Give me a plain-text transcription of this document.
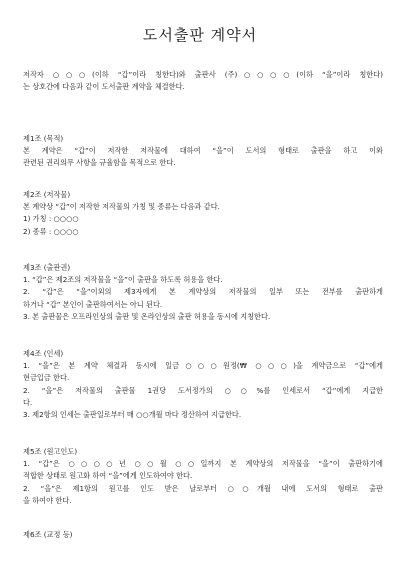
도서출판 계약서
저작자 ○○○(이하 “갑”이라 칭한다)와 출판사 (주)○○○○(이하 “을”이라 칭한다)
는 상호간에 다음과 같이 도서출판 계약을 체결한다.
제1조 (목적)
본 계약은 “갑”이 저작한 저작물에 대하여 “을”이 도서의 형태로 출판을 하고 이와
관련된 권리의무 사항을 규율함을 목적으로 한다.
제2조 (저작물)
본 계약상 “갑”이 저작한 저작물의 가칭 및 종류는 다음과 같다.
1) 가칭 : ○○○○
2) 종류 : ○○○○
제3조 (출판권)
1. “갑”은 제2조의 저작물을 “을”이 출판을 하도록 허용을 한다.
2. “갑”은 “을”이외의 제3자에게 본 계약상의 저작물의 일부 또는 전부를 출판하게
하거나 “갑” 본인이 출판하여서는 아니 된다.
3. 본 출판물은 오프라인상의 출판 및 온라인상의 출판 허용을 동시에 지칭한다.
제4조 (인세)
1. “을”은 본 계약 체결과 동시에 일금○○○원정(₩ ○○○)을 계약금으로 “갑”에게
현금입금 한다.
2. “을”은 저작물의 출판물 1권당 도서정가의 ○○%를 인세로서 “갑”에게 지급한
다.
3. 제2항의 인세는 출판일로부터 매 ○○개월 마다 정산하여 지급한다.
제5조 (원고인도)
1. “갑”은 ○○○○년 ○○월 ○○일까지 본 계약상의 저작물을 “을”이 출판하기에
적합한 상태로 원고화 하여 “을”에게 인도하여야 한다.
2. “을”은 제1항의 원고를 인도 받은 날로부터 ○○개월 내에 도서의 형태로 출판
을 하여야 한다.
제6조 (교정 등)
